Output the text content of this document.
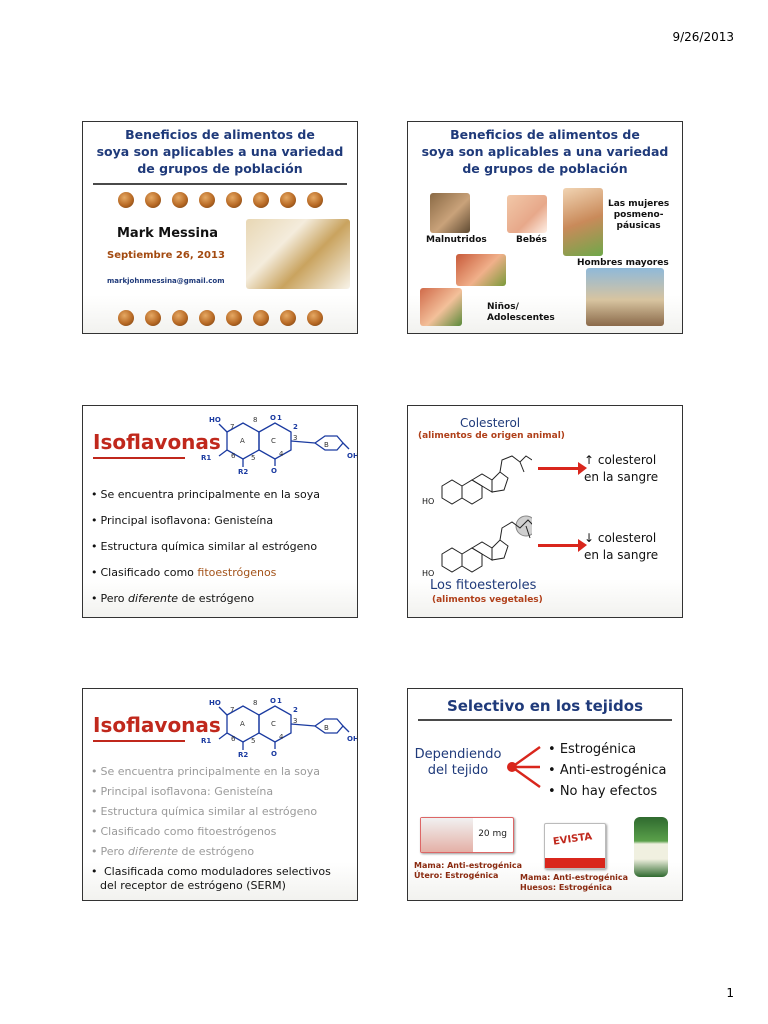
9/26/2013
Beneficios de alimentos de
soya son aplicables a una variedad
de grupos de población
Mark Messina
Septiembre 26, 2013
markjohnmessina@gmail.com
Beneficios de alimentos de
soya son aplicables a una variedad
de grupos de población
Malnutridos	Bebés
Las mujeres
posmeno-
páusicas
Hombres mayores
Niños/
Adolescentes
Isoflavonas
HO
R1
R2	O
O 1
2
OH
A	C	B
7
8
6 5	4
3
• Se encuentra principalmente en la soya
• Principal isoflavona: Genisteína
• Estructura química similar al estrógeno
• Clasificado como fitoestrógenos
• Pero diferente de estrógeno
Colesterol
(alimentos de origen animal)
HO
HO
↑ colesterol
en la sangre
↓ colesterol
en la sangre
Los fitoesteroles
(alimentos vegetales)
Isoflavonas
HO
R1
R2	O
O 1
2
OH
A	C	B
7
8
6 5	4
3
• Se encuentra principalmente en la soya
• Principal isoflavona: Genisteína
• Estructura química similar al estrógeno
• Clasificado como fitoestrógenos
• Pero diferente de estrógeno
• Clasificada como moduladores selectivos
del receptor de estrógeno (SERM)
Selectivo en los tejidos
Dependiendo
del tejido
• Estrogénica
• Anti-estrogénica
• No hay efectos
20 mg	EVISTA
Mama: Anti-estrogénica
Útero: Estrogénica	Mama: Anti-estrogénica
Huesos: Estrogénica
1
